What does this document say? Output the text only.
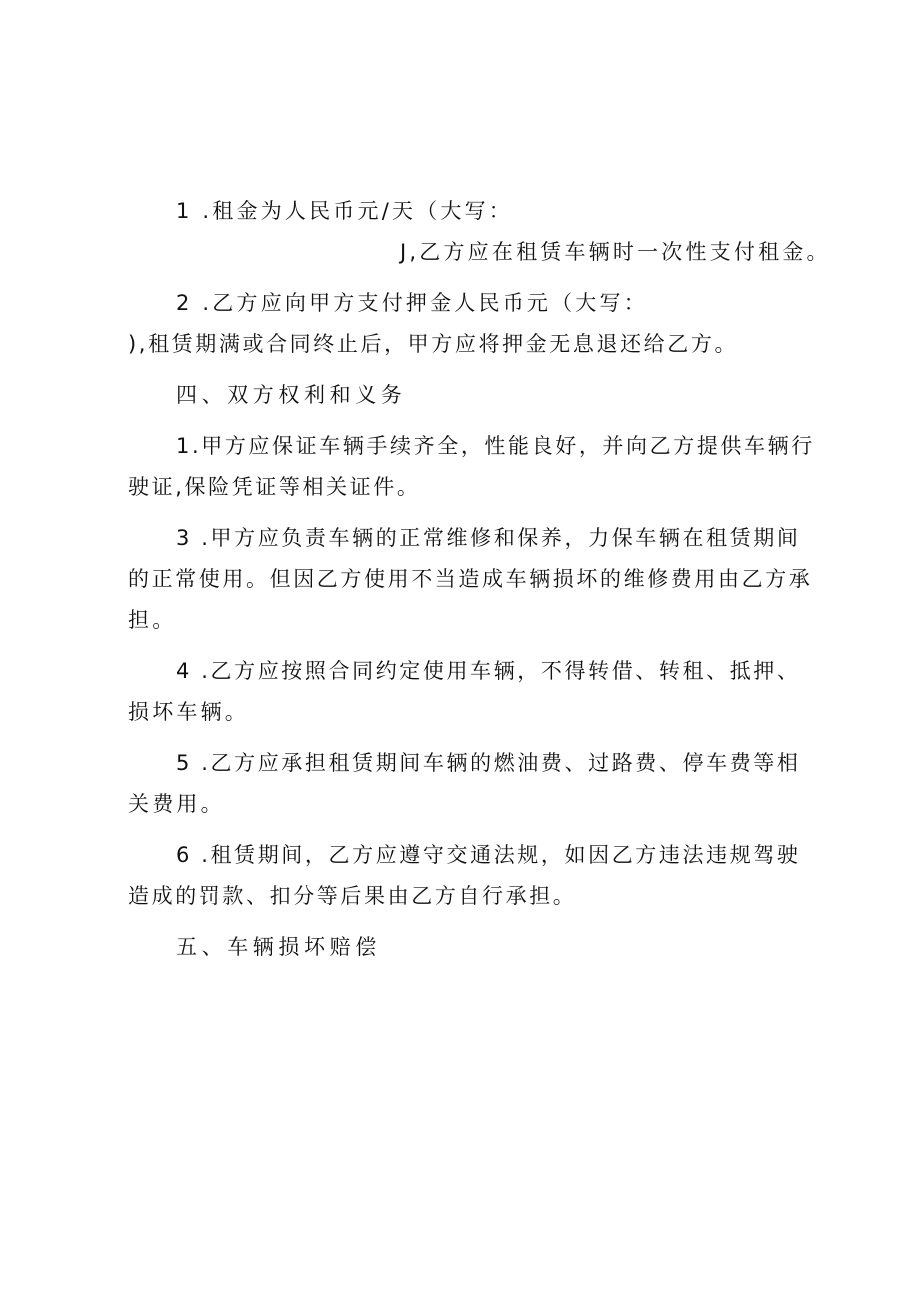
1 .租金为人民币元/天（大写：
J,乙方应在租赁车辆时一次性支付租金。
2 .乙方应向甲方支付押金人民币元（大写：
),租赁期满或合同终止后，甲方应将押金无息退还给乙方。
四、双方权利和义务
1.甲方应保证车辆手续齐全，性能良好，并向乙方提供车辆行
驶证,保险凭证等相关证件。
3 .甲方应负责车辆的正常维修和保养，力保车辆在租赁期间
的正常使用。但因乙方使用不当造成车辆损坏的维修费用由乙方承
担。
4 .乙方应按照合同约定使用车辆，不得转借、转租、抵押、
损坏车辆。
5 .乙方应承担租赁期间车辆的燃油费、过路费、停车费等相
关费用。
6 .租赁期间，乙方应遵守交通法规，如因乙方违法违规驾驶
造成的罚款、扣分等后果由乙方自行承担。
五、车辆损坏赔偿
